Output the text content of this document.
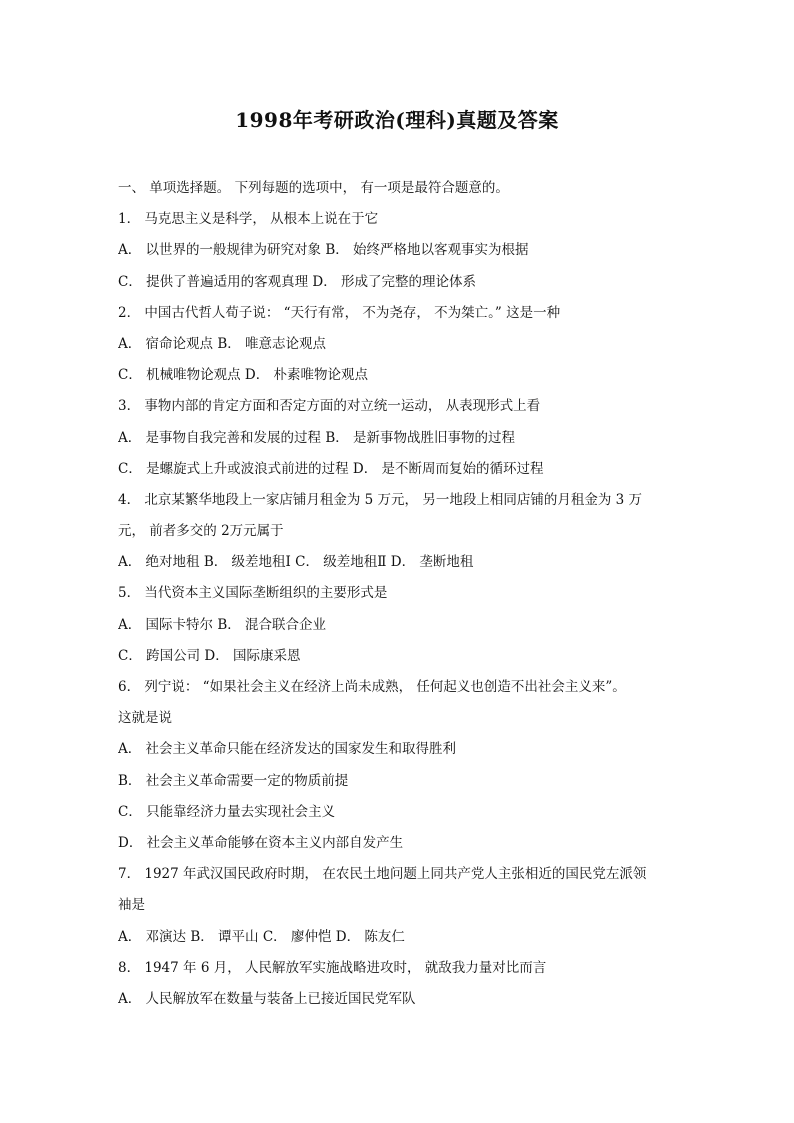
1998年考研政治(理科)真题及答案
一、 单项选择题。 下列每题的选项中， 有一项是最符合题意的。
1． 马克思主义是科学， 从根本上说在于它
A． 以世界的一般规律为研究对象 B． 始终严格地以客观事实为根据
C． 提供了普遍适用的客观真理 D． 形成了完整的理论体系
2． 中国古代哲人荀子说： “天行有常， 不为尧存， 不为桀亡。” 这是一种
A． 宿命论观点 B． 唯意志论观点
C． 机械唯物论观点 D． 朴素唯物论观点
3． 事物内部的肯定方面和否定方面的对立统一运动， 从表现形式上看
A． 是事物自我完善和发展的过程 B． 是新事物战胜旧事物的过程
C． 是螺旋式上升或波浪式前进的过程 D． 是不断周而复始的循环过程
4． 北京某繁华地段上一家店铺月租金为 5 万元， 另一地段上相同店铺的月租金为 3 万
元， 前者多交的 2万元属于
A． 绝对地租 B． 级差地租Ⅰ C． 级差地租Ⅱ D． 垄断地租
5． 当代资本主义国际垄断组织的主要形式是
A． 国际卡特尔 B． 混合联合企业
C． 跨国公司 D． 国际康采恩
6． 列宁说： “如果社会主义在经济上尚未成熟， 任何起义也创造不出社会主义来”。
这就是说
A． 社会主义革命只能在经济发达的国家发生和取得胜利
B． 社会主义革命需要一定的物质前提
C． 只能靠经济力量去实现社会主义
D． 社会主义革命能够在资本主义内部自发产生
7． 1927 年武汉国民政府时期， 在农民土地问题上同共产党人主张相近的国民党左派领
袖是
A． 邓演达 B． 谭平山 C． 廖仲恺 D． 陈友仁
8． 1947 年 6 月， 人民解放军实施战略进攻时， 就敌我力量对比而言
A． 人民解放军在数量与装备上已接近国民党军队
